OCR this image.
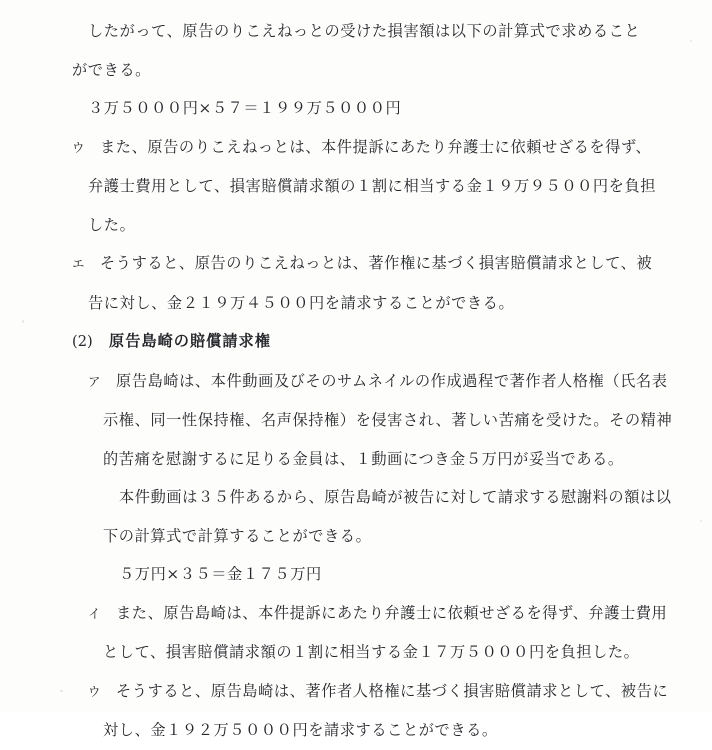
したがって、原告のりこえねっとの受けた損害額は以下の計算式で求めること
ができる。
３万５０００円×５７＝１９９万５０００円
ウ	また、原告のりこえねっとは、本件提訴にあたり弁護士に依頼せざるを得ず、
弁護士費用として、損害賠償請求額の１割に相当する金１９万９５００円を負担
した。
エ	そうすると、原告のりこえねっとは、著作権に基づく損害賠償請求として、被
告に対し、金２１９万４５００円を請求することができる。
(2)	原告島崎の賠償請求権
ア	原告島崎は、本件動画及びそのサムネイルの作成過程で著作者人格権（氏名表
示権、同一性保持権、名声保持権）を侵害され、著しい苦痛を受けた。その精神
的苦痛を慰謝するに足りる金員は、１動画につき金５万円が妥当である。
本件動画は３５件あるから、原告島崎が被告に対して請求する慰謝料の額は以
下の計算式で計算することができる。
５万円×３５＝金１７５万円
イ	また、原告島崎は、本件提訴にあたり弁護士に依頼せざるを得ず、弁護士費用
として、損害賠償請求額の１割に相当する金１７万５０００円を負担した。
ウ	そうすると、原告島崎は、著作者人格権に基づく損害賠償請求として、被告に
対し、金１９２万５０００円を請求することができる。
